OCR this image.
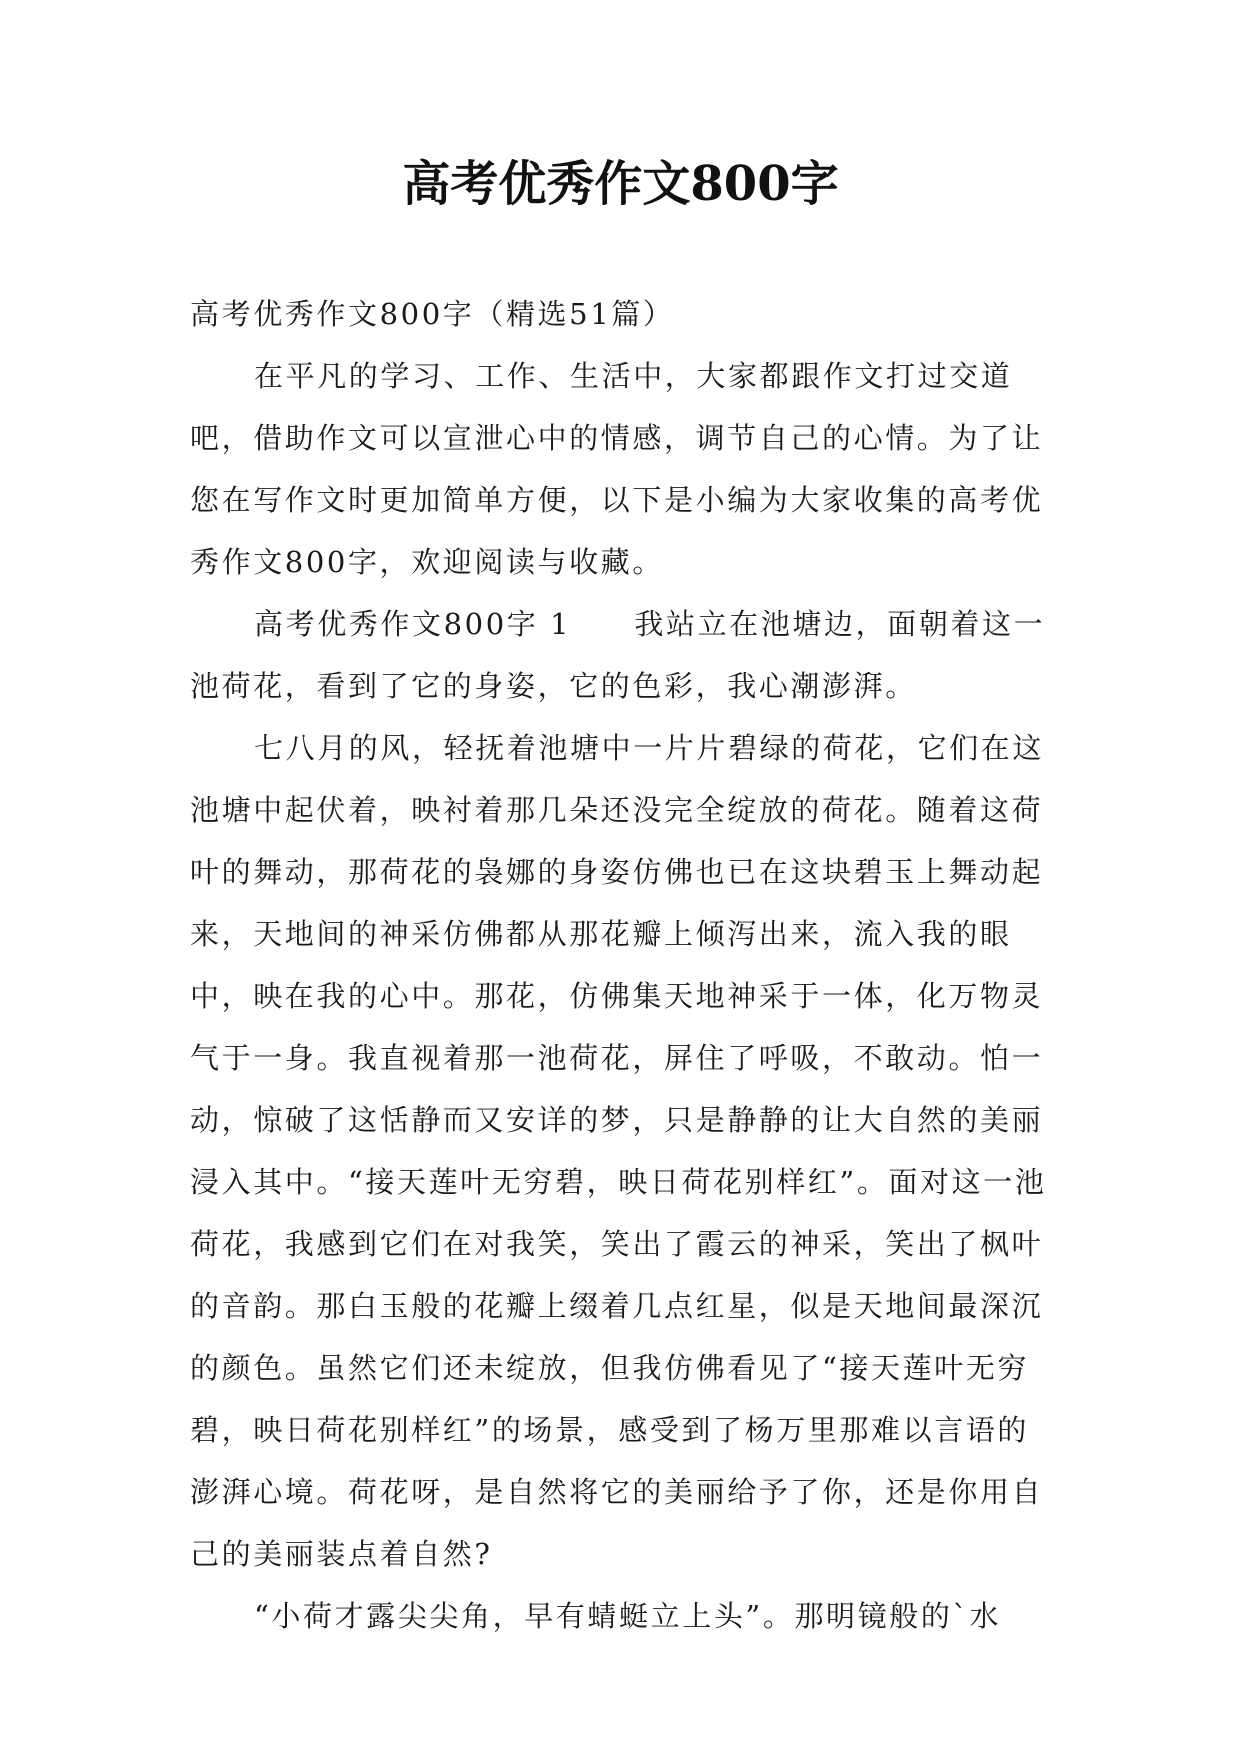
高考优秀作文800字

高考优秀作文800字（精选51篇）

在平凡的学习、工作、生活中，大家都跟作文打过交道吧，借助作文可以宣泄心中的情感，调节自己的心情。为了让您在写作文时更加简单方便，以下是小编为大家收集的高考优秀作文800字，欢迎阅读与收藏。

高考优秀作文800字 1　　我站立在池塘边，面朝着这一池荷花，看到了它的身姿，它的色彩，我心潮澎湃。

七八月的风，轻抚着池塘中一片片碧绿的荷花，它们在这池塘中起伏着，映衬着那几朵还没完全绽放的荷花。随着这荷叶的舞动，那荷花的袅娜的身姿仿佛也已在这块碧玉上舞动起来，天地间的神采仿佛都从那花瓣上倾泻出来，流入我的眼中，映在我的心中。那花，仿佛集天地神采于一体，化万物灵气于一身。我直视着那一池荷花，屏住了呼吸，不敢动。怕一动，惊破了这恬静而又安详的梦，只是静静的让大自然的美丽浸入其中。“接天莲叶无穷碧，映日荷花别样红”。面对这一池荷花，我感到它们在对我笑，笑出了霞云的神采，笑出了枫叶的音韵。那白玉般的花瓣上缀着几点红星，似是天地间最深沉的颜色。虽然它们还未绽放，但我仿佛看见了“接天莲叶无穷碧，映日荷花别样红”的场景，感受到了杨万里那难以言语的澎湃心境。荷花呀，是自然将它的美丽给予了你，还是你用自己的美丽装点着自然?

“小荷才露尖尖角，早有蜻蜓立上头”。那明镜般的`水
